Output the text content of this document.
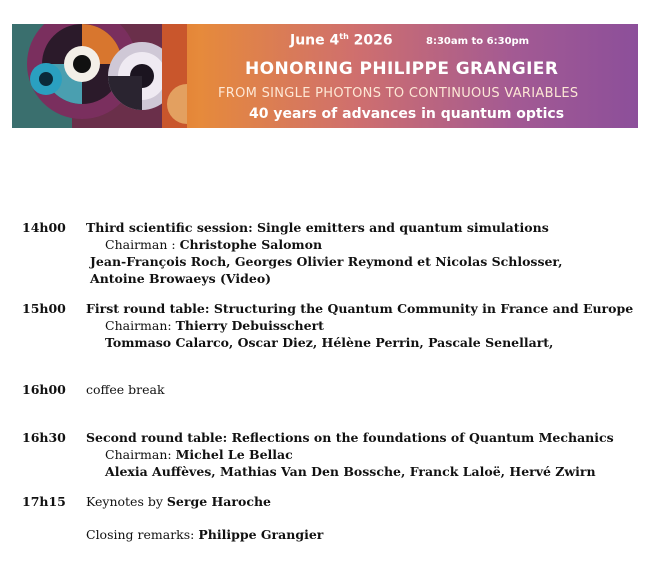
June 4th 2026	8:30am to 6:30pm
HONORING PHILIPPE GRANGIER
FROM SINGLE PHOTONS TO CONTINUOUS VARIABLES
40 years of advances in quantum optics
14h00 Third scientific session: Single emitters and quantum simulations
Chairman : Christophe Salomon
Jean-François Roch, Georges Olivier Reymond et Nicolas Schlosser,
Antoine Browaeys (Video)
15h00 First round table: Structuring the Quantum Community in France and Europe
Chairman: Thierry Debuisschert
Tommaso Calarco, Oscar Diez, Hélène Perrin, Pascale Senellart,
16h00 coffee break
16h30 Second round table: Reflections on the foundations of Quantum Mechanics
Chairman: Michel Le Bellac
Alexia Auffèves, Mathias Van Den Bossche, Franck Laloë, Hervé Zwirn
17h15 Keynotes by Serge Haroche
Closing remarks: Philippe Grangier
